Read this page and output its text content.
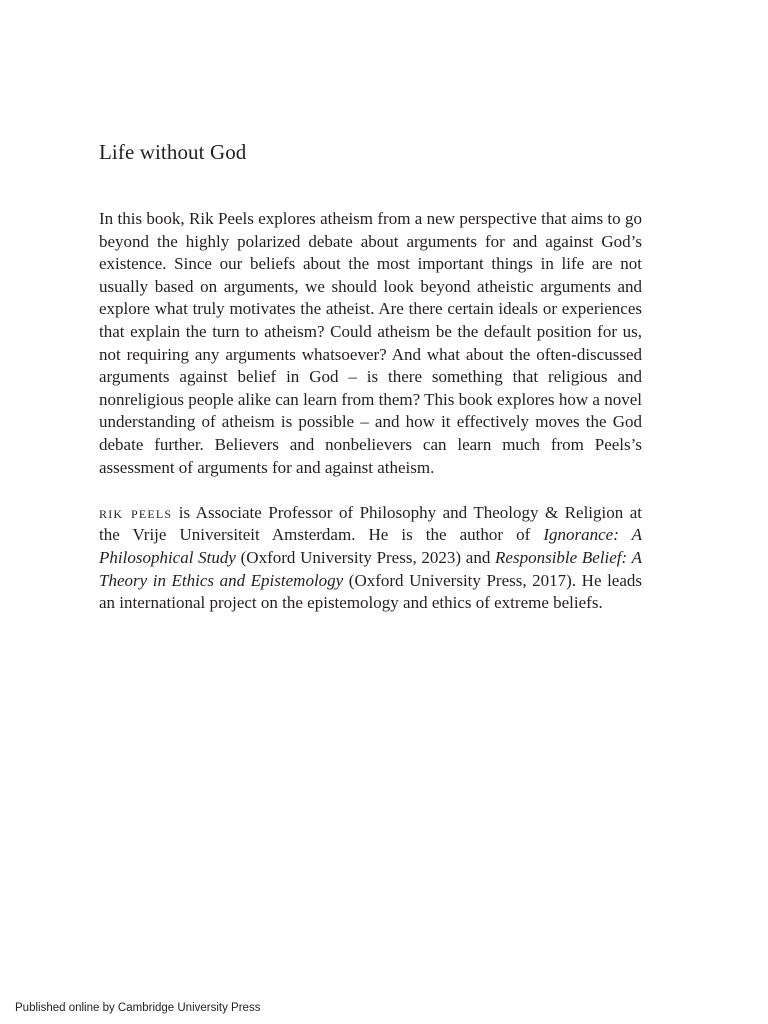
Life without God

In this book, Rik Peels explores atheism from a new perspective that aims to go beyond the highly polarized debate about arguments for and against God’s existence. Since our beliefs about the most important things in life are not usually based on arguments, we should look beyond atheistic arguments and explore what truly motivates the atheist. Are there certain ideals or experiences that explain the turn to atheism? Could atheism be the default position for us, not requiring any arguments whatsoever? And what about the often-discussed arguments against belief in God – is there something that religious and nonreligious people alike can learn from them? This book explores how a novel understanding of atheism is possible – and how it effectively moves the God debate further. Believers and nonbelievers can learn much from Peels’s assessment of arguments for and against atheism.

rik peels is Associate Professor of Philosophy and Theology & Religion at the Vrije Universiteit Amsterdam. He is the author of Ignorance: A Philosophical Study (Oxford University Press, 2023) and Responsible Belief: A Theory in Ethics and Epistemology (Oxford University Press, 2017). He leads an international project on the epistemology and ethics of extreme beliefs.

Published online by Cambridge University Press
